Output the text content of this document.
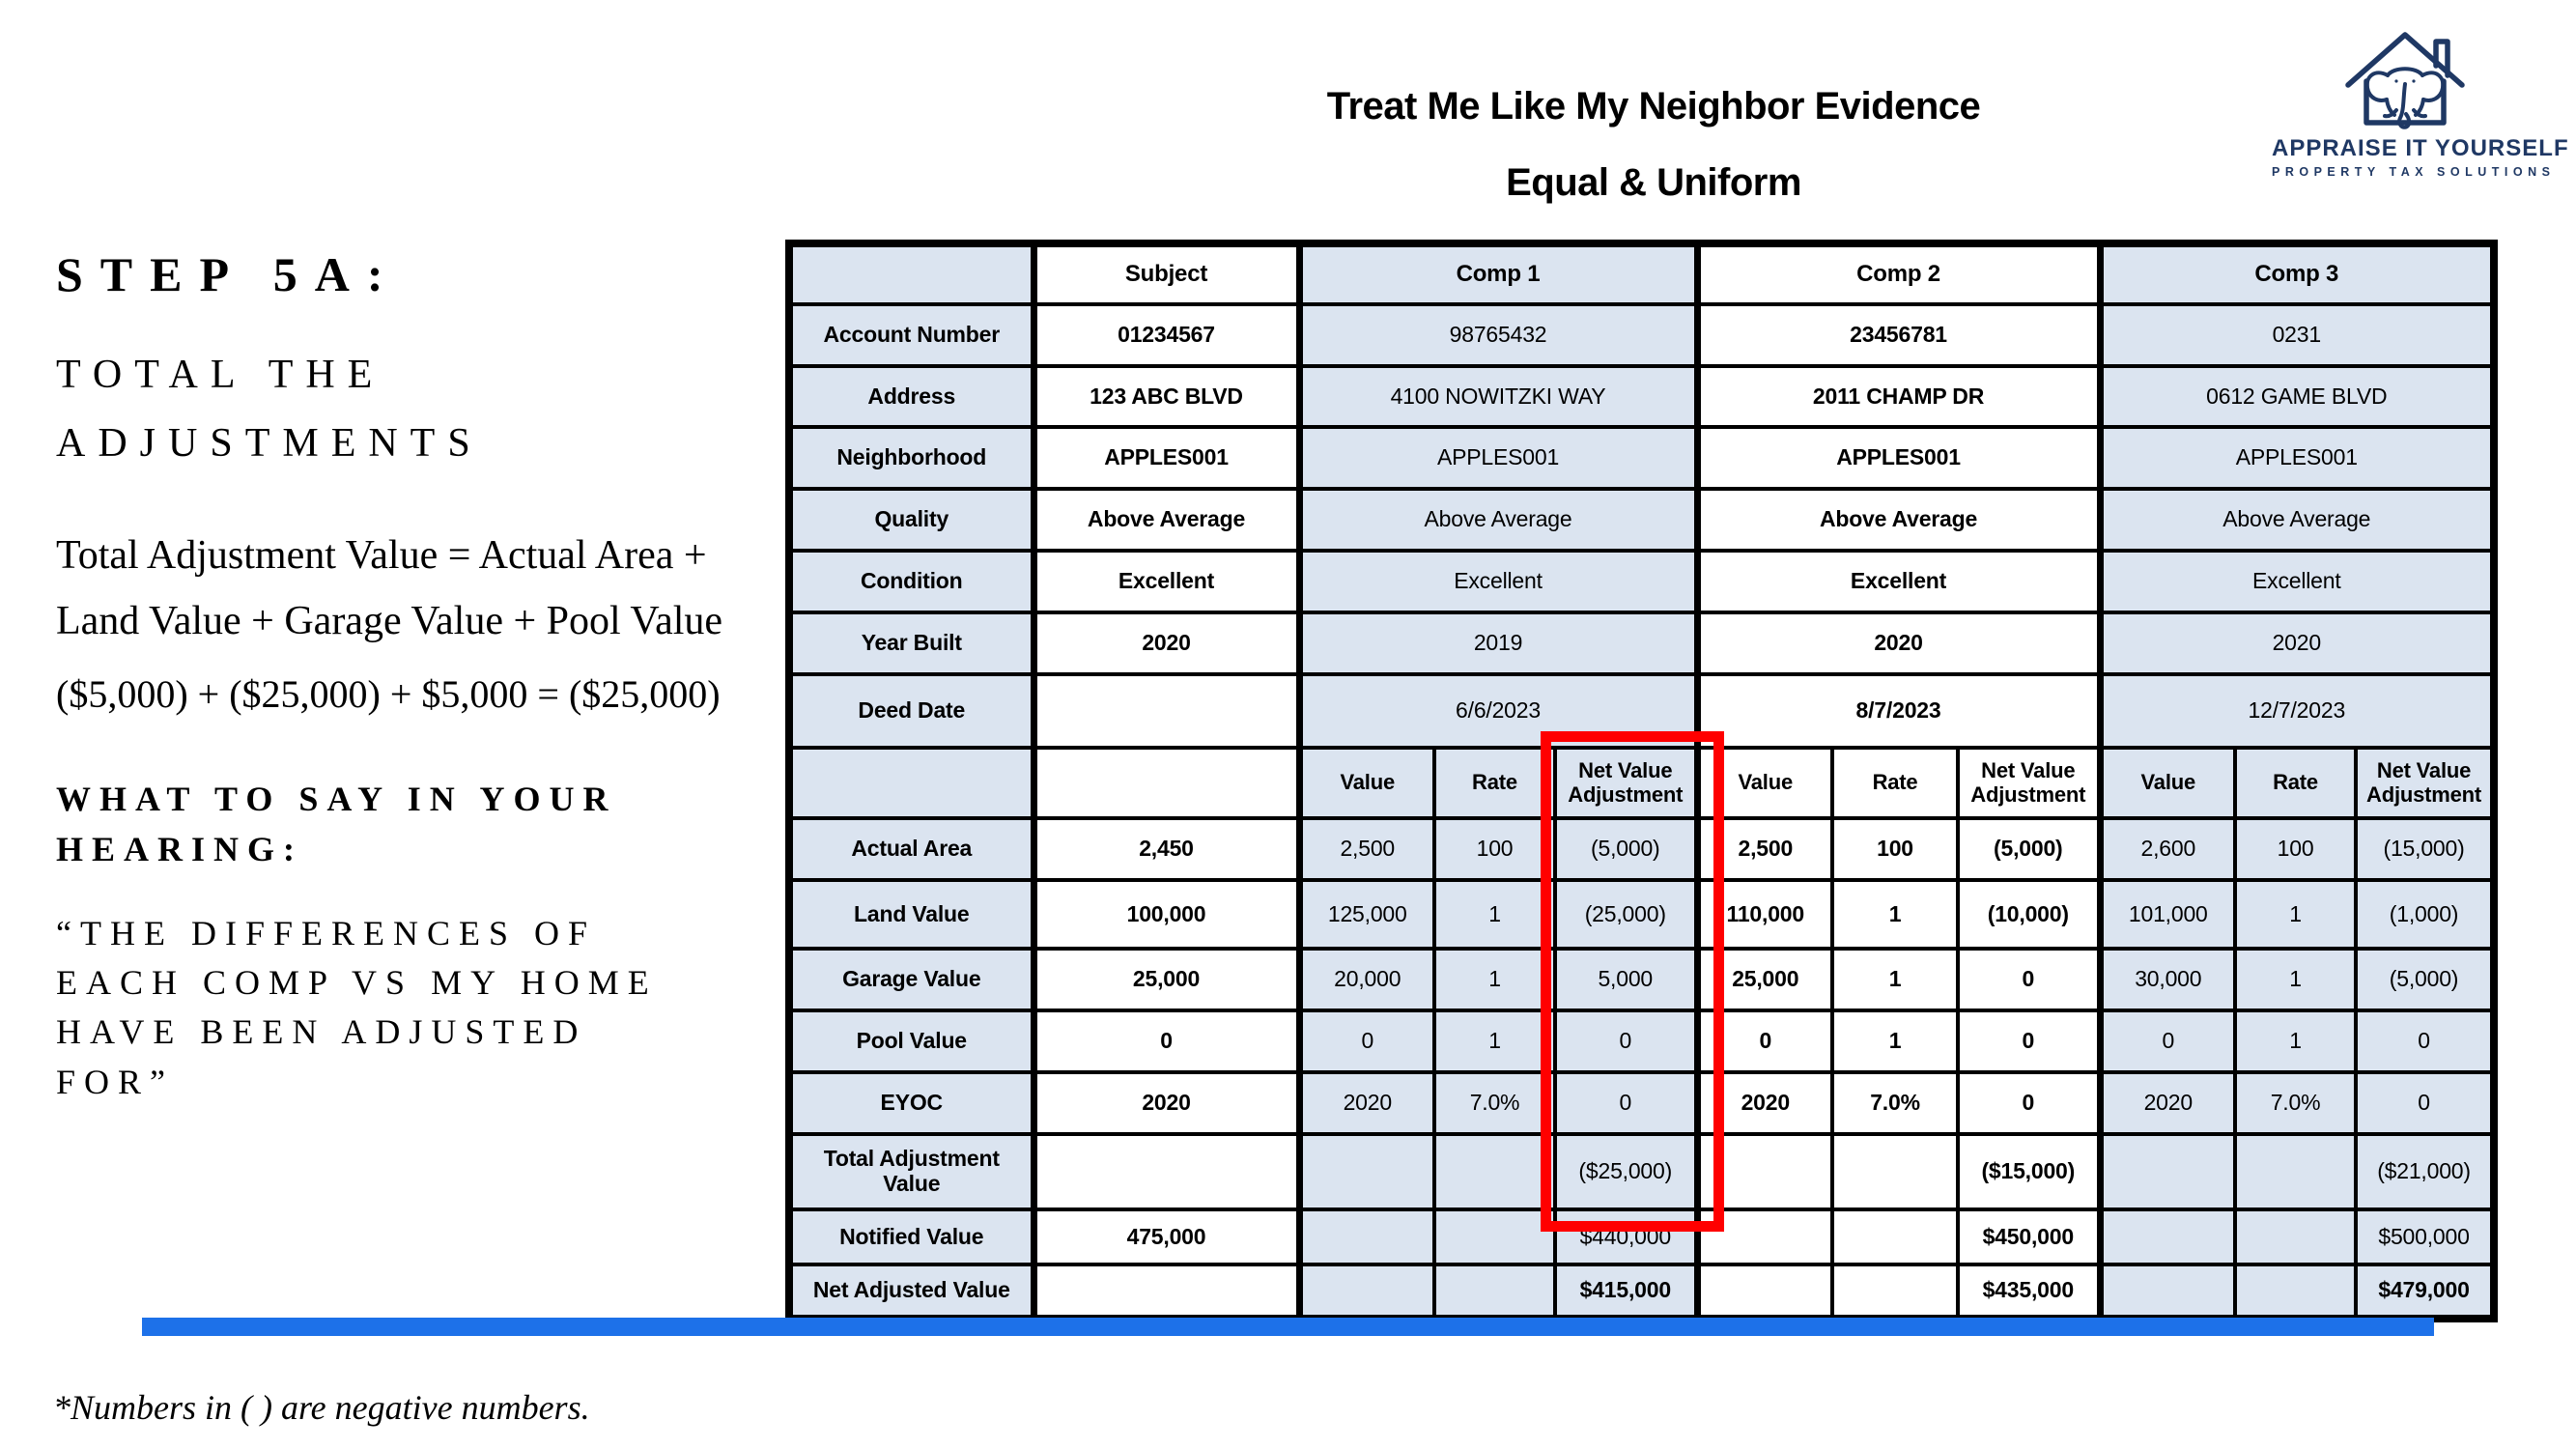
Treat Me Like My Neighbor Evidence
Equal & Uniform
APPRAISE IT YOURSELF
PROPERTY TAX SOLUTIONS
STEP 5A:
TOTAL THE
ADJUSTMENTS

Total Adjustment Value = Actual Area +
Land Value + Garage Value + Pool Value

($5,000) + ($25,000) + $5,000 = ($25,000)

WHAT TO SAY IN YOUR
HEARING:
“THE DIFFERENCES OF
EACH COMP VS MY HOME
HAVE BEEN ADJUSTED
FOR”
	Subject	Comp 1			Comp 2			Comp 3		
Account Number	01234567	98765432			23456781			0231		
Address	123 ABC BLVD	4100 NOWITZKI WAY			2011 CHAMP DR			0612 GAME BLVD		
Neighborhood	APPLES001	APPLES001			APPLES001			APPLES001		
Quality	Above Average	Above Average			Above Average			Above Average		
Condition	Excellent	Excellent			Excellent			Excellent		
Year Built	2020	2019			2020			2020		
Deed Date		6/6/2023			8/7/2023			12/7/2023		
		Value	Rate	Net Value Adjustment	Value	Rate	Net Value Adjustment	Value	Rate	Net Value Adjustment
Actual Area	2,450	2,500	100	(5,000)	2,500	100	(5,000)	2,600	100	(15,000)
Land Value	100,000	125,000	1	(25,000)	110,000	1	(10,000)	101,000	1	(1,000)
Garage Value	25,000	20,000	1	5,000	25,000	1	0	30,000	1	(5,000)
Pool Value	0	0	1	0	0	1	0	0	1	0
EYOC	2020	2020	7.0%	0	2020	7.0%	0	2020	7.0%	0
Total Adjustment Value				($25,000)			($15,000)			($21,000)
Notified Value	475,000			$440,000			$450,000			$500,000
Net Adjusted Value				$415,000			$435,000			$479,000
*Numbers in ( ) are negative numbers.
